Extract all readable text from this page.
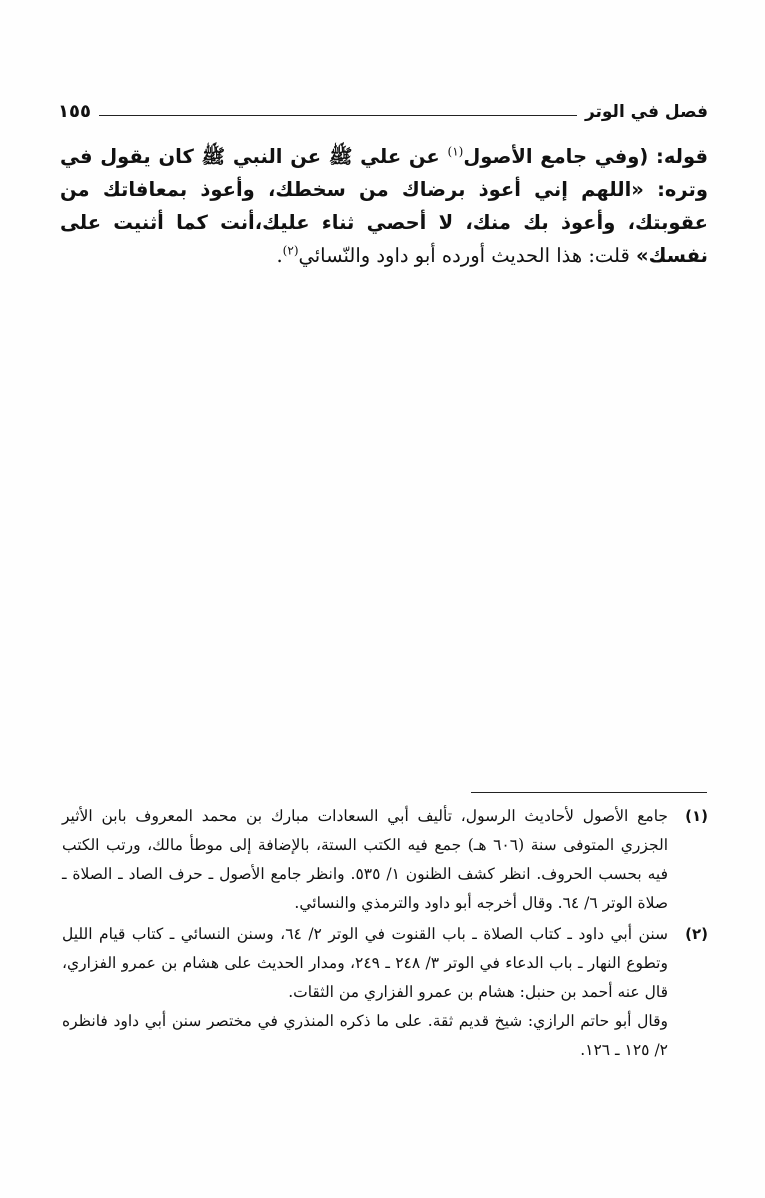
فصل في الوتر
١٥٥

قوله: (وفي جامع الأصول$^{(١)}$ عن علي ﷺ عن النبي ﷺ كان يقول في وتره: «اللهم إني أعوذ برضاك من سخطك، وأعوذ بمعافاتك من عقوبتك، وأعوذ بك منك، لا أحصي ثناء عليك،أنت كما أثنيت على نفسك» قلت: هذا الحديث أورده أبو داود والنّسائي$^{(٢)}$.

(١)

جامع الأصول لأحاديث الرسول، تأليف أبي السعادات مبارك بن محمد المعروف بابن الأثير الجزري المتوفى سنة (٦٠٦ هـ) جمع فيه الكتب الستة، بالإضافة إلى موطأ مالك، ورتب الكتب فيه بحسب الحروف. انظر كشف الظنون ١/ ٥٣٥. وانظر جامع الأصول ـ حرف الصاد ـ الصلاة ـ صلاة الوتر ٦/ ٦٤. وقال أخرجه أبو داود والترمذي والنسائي.

(٢)

سنن أبي داود ـ كتاب الصلاة ـ باب القنوت في الوتر ٢/ ٦٤، وسنن النسائي ـ كتاب قيام الليل وتطوع النهار ـ باب الدعاء في الوتر ٣/ ٢٤٨ ـ ٢٤٩، ومدار الحديث على هشام بن عمرو الفزاري، قال عنه أحمد بن حنبل: هشام بن عمرو الفزاري من الثقات.

وقال أبو حاتم الرازي: شيخ قديم ثقة. على ما ذكره المنذري في مختصر سنن أبي داود فانظره ٢/ ١٢٥ ـ ١٢٦.
